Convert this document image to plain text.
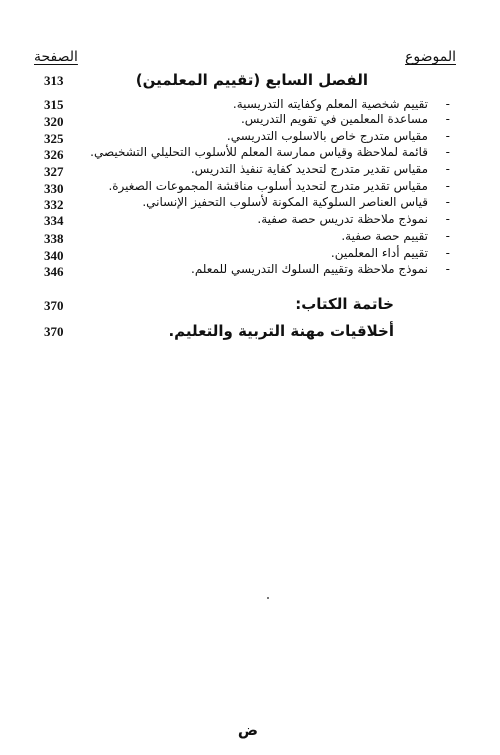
الموضوع
الصفحة
الفصل السابع (تقييم المعلمين)
313
-
تقييم شخصية المعلم وكفايته التدريسية.
315
-
مساعدة المعلمين في تقويم التدريس.
320
-
مقياس متدرج خاص بالاسلوب التدريسي.
325
-
قائمة لملاحظة وقياس ممارسة المعلم للأسلوب التحليلي التشخيصي.
326
-
مقياس تقدير متدرج لتحديد كفاية تنفيذ التدريس.
327
-
مقياس تقدير متدرج لتحديد أسلوب مناقشة المجموعات الصغيرة.
330
-
قياس العناصر السلوكية المكونة لأسلوب التحفيز الإنساني.
332
-
نموذج ملاحظة تدريس حصة صفية.
334
-
تقييم حصة صفية.
338
-
تقييم أداء المعلمين.
340
-
نموذج ملاحظة وتقييم السلوك التدريسي للمعلم.
346
خاتمة الكتاب:
370
أخلاقيات مهنة التربية والتعليم.
370
ض
